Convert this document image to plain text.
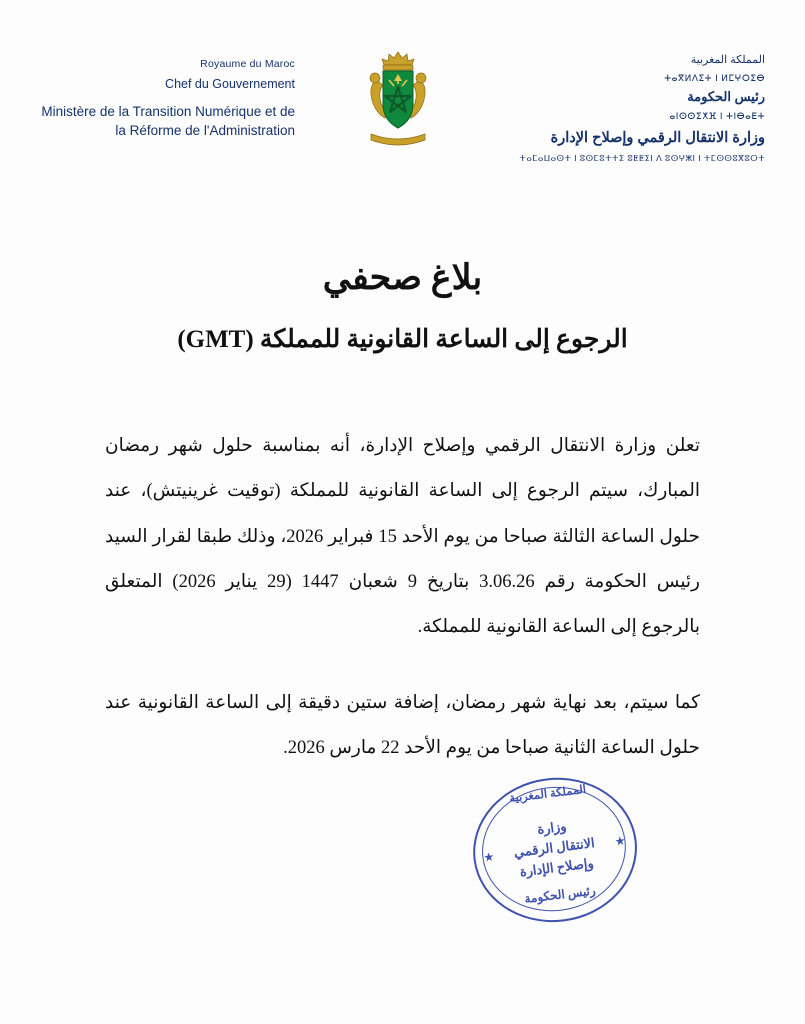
Royaume du Maroc
Chef du Gouvernement
Ministère de la Transition Numérique et de la Réforme de l'Administration
المملكة المغربية
ⵜⴰⴳⵍⴷⵉⵜ ⵏ ⵍⵎⵖⵔⵉⴱ
رئيس الحكومة
ⴰⵏⵙⵙⵉⵅⴼ ⵏ ⵜⵏⴱⴰⴹⵜ
وزارة الانتقال الرقمي وإصلاح الإدارة
ⵜⴰⵎⴰⵡⴰⵙⵜ ⵏ ⵓⵙⵎⵓⵜⵜⵉ ⵓⵟⵟⵉⵏ ⴷ ⵓⵙⵖⵥⵏ ⵏ ⵜⵎⵙⵙⵓⴳⵓⵔⵜ
بلاغ صحفي
الرجوع إلى الساعة القانونية للمملكة (GMT)

تعلن وزارة الانتقال الرقمي وإصلاح الإدارة، أنه بمناسبة حلول شهر رمضان المبارك، سيتم الرجوع إلى الساعة القانونية للمملكة (توقيت غرينيتش)، عند حلول الساعة الثالثة صباحا من يوم الأحد 15 فبراير 2026، وذلك طبقا لقرار السيد رئيس الحكومة رقم 3.06.26 بتاريخ 9 شعبان 1447 (29 يناير 2026) المتعلق بالرجوع إلى الساعة القانونية للمملكة.

كما سيتم، بعد نهاية شهر رمضان، إضافة ستين دقيقة إلى الساعة القانونية عند حلول الساعة الثانية صباحا من يوم الأحد 22 مارس 2026.

المملكة المغربية
وزارة
الانتقال الرقمي
وإصلاح الإدارة
رئيس الحكومة
★
★
